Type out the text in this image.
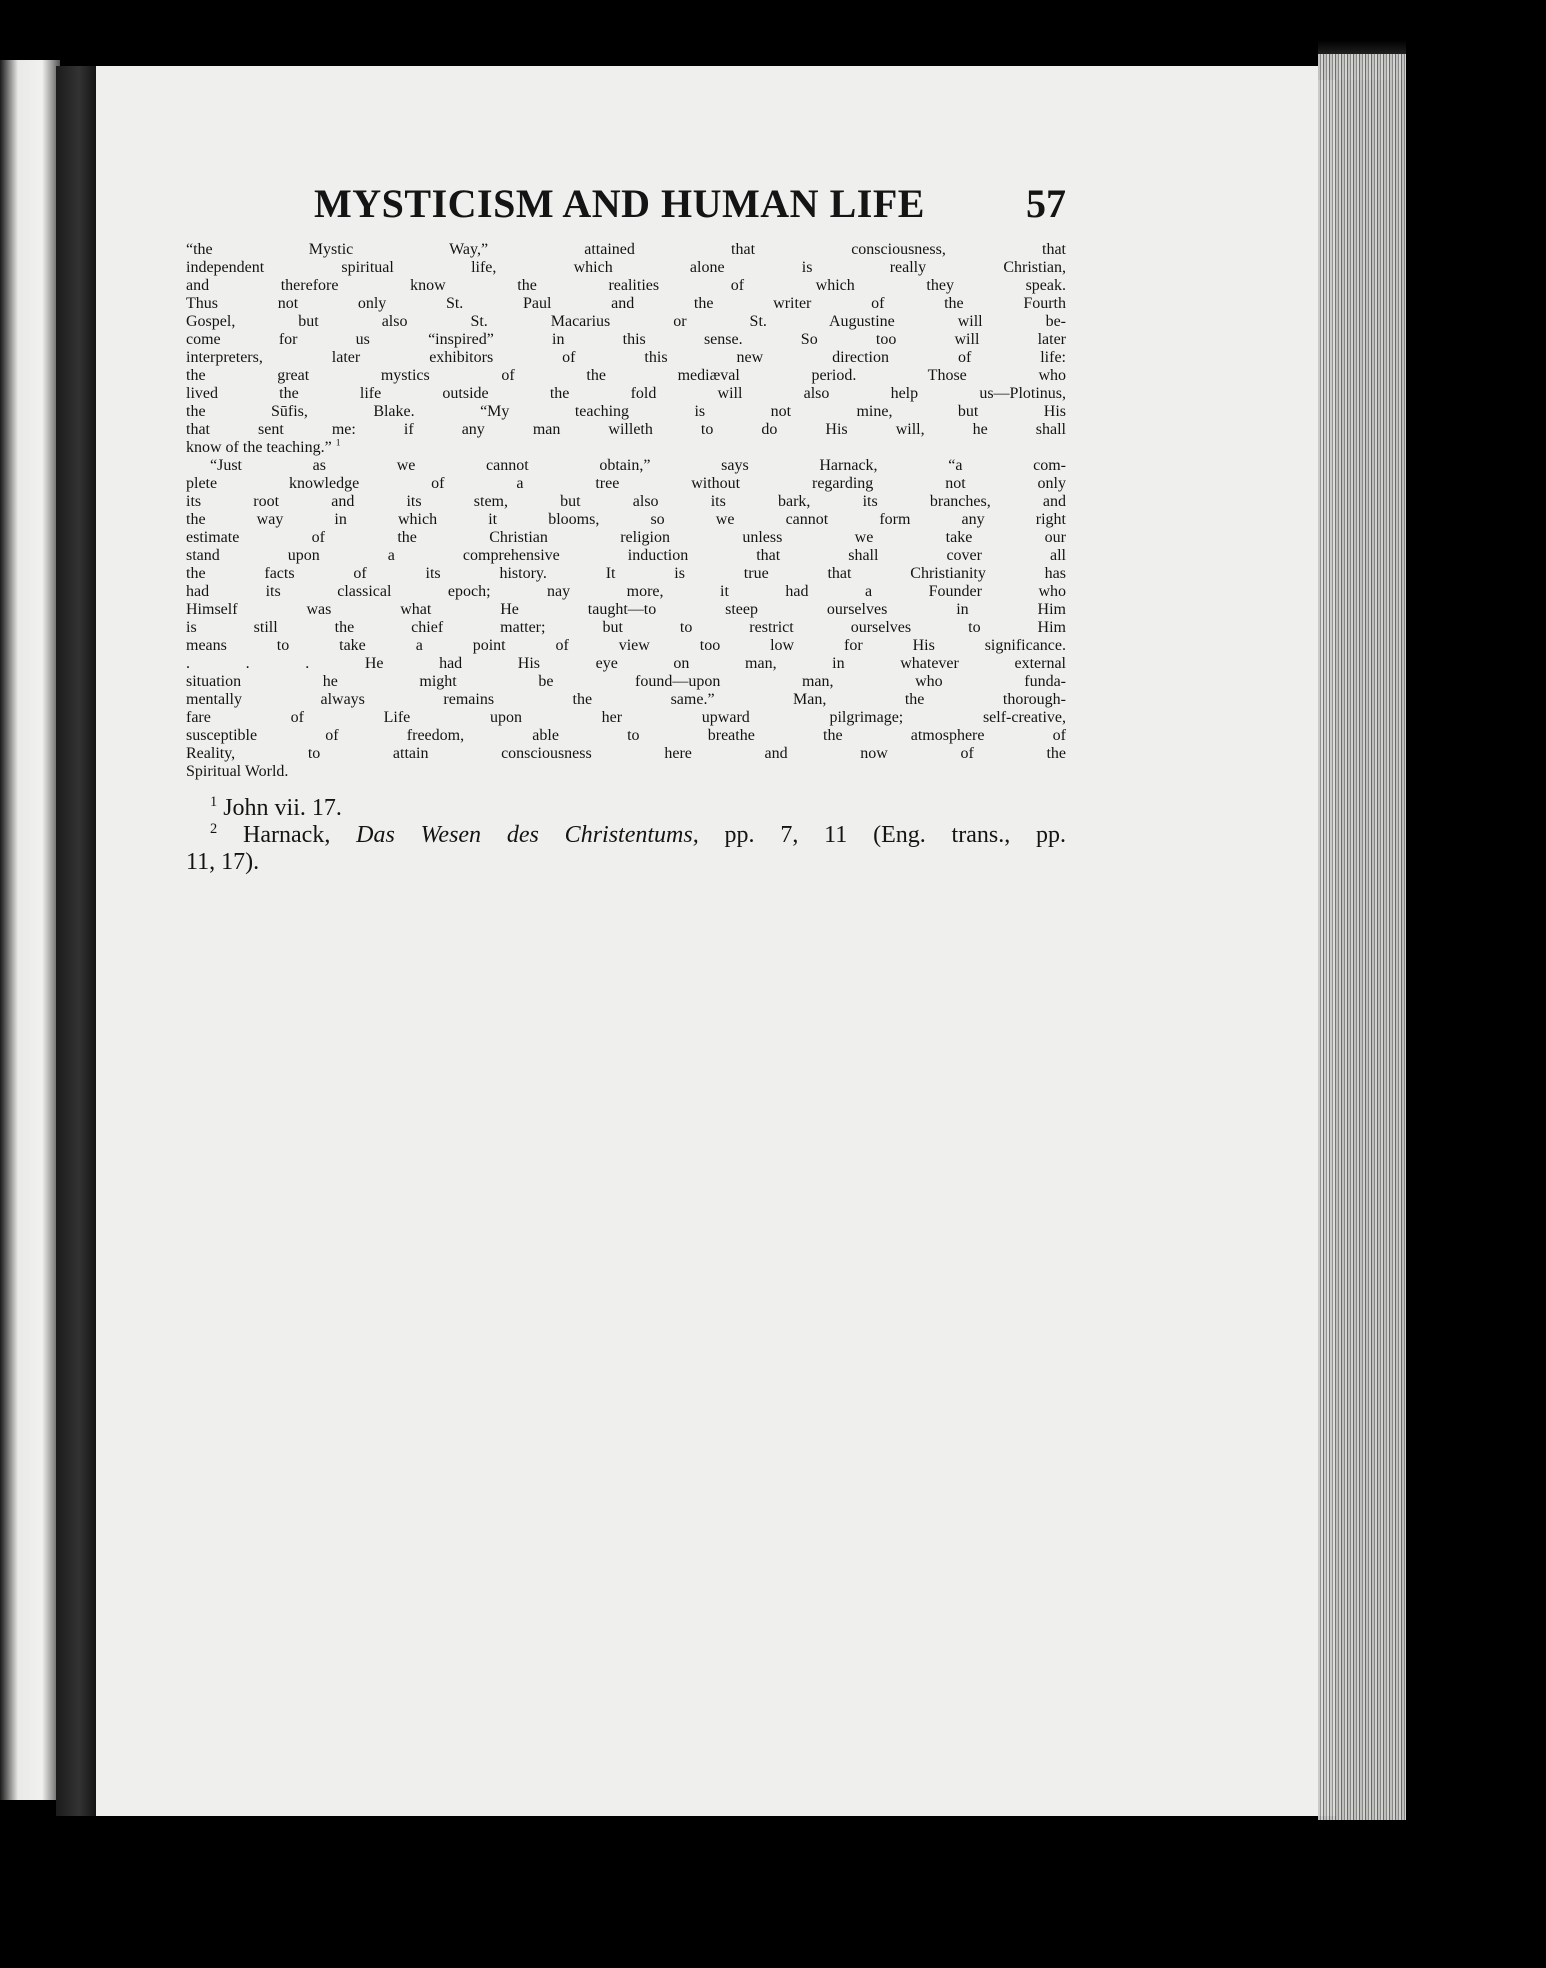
MYSTICISM AND HUMAN LIFE	57
“the Mystic Way,” attained that consciousness, that
independent spiritual life, which alone is really Christian,
and therefore know the realities of which they speak.
Thus not only St. Paul and the writer of the Fourth
Gospel, but also St. Macarius or St. Augustine will be-
come for us “inspired” in this sense. So too will later
interpreters, later exhibitors of this new direction of life:
the great mystics of the mediæval period. Those who
lived the life outside the fold will also help us—Plotinus,
the Sūfis, Blake. “My teaching is not mine, but His
that sent me: if any man willeth to do His will, he shall
know of the teaching.” $^1$
“Just as we cannot obtain,” says Harnack, “a com-
plete knowledge of a tree without regarding not only
its root and its stem, but also its bark, its branches, and
the way in which it blooms, so we cannot form any right
estimate of the Christian religion unless we take our
stand upon a comprehensive induction that shall cover all
the facts of its history. It is true that Christianity has
had its classical epoch; nay more, it had a Founder who
Himself was what He taught—to steep ourselves in Him
is still the chief matter; but to restrict ourselves to Him
means to take a point of view too low for His significance.
. . . He had His eye on man, in whatever external
situation he might be found—upon man, who funda-
mentally always remains the same.” Man, the thorough-
fare of Life upon her upward pilgrimage; self-creative,
susceptible of freedom, able to breathe the atmosphere of
Reality, to attain consciousness here and now of the
Spiritual World.
$^1$ John vii. 17.
$^2$ Harnack, Das Wesen des Christentums, pp. 7, 11 (Eng. trans., pp.
11, 17).
